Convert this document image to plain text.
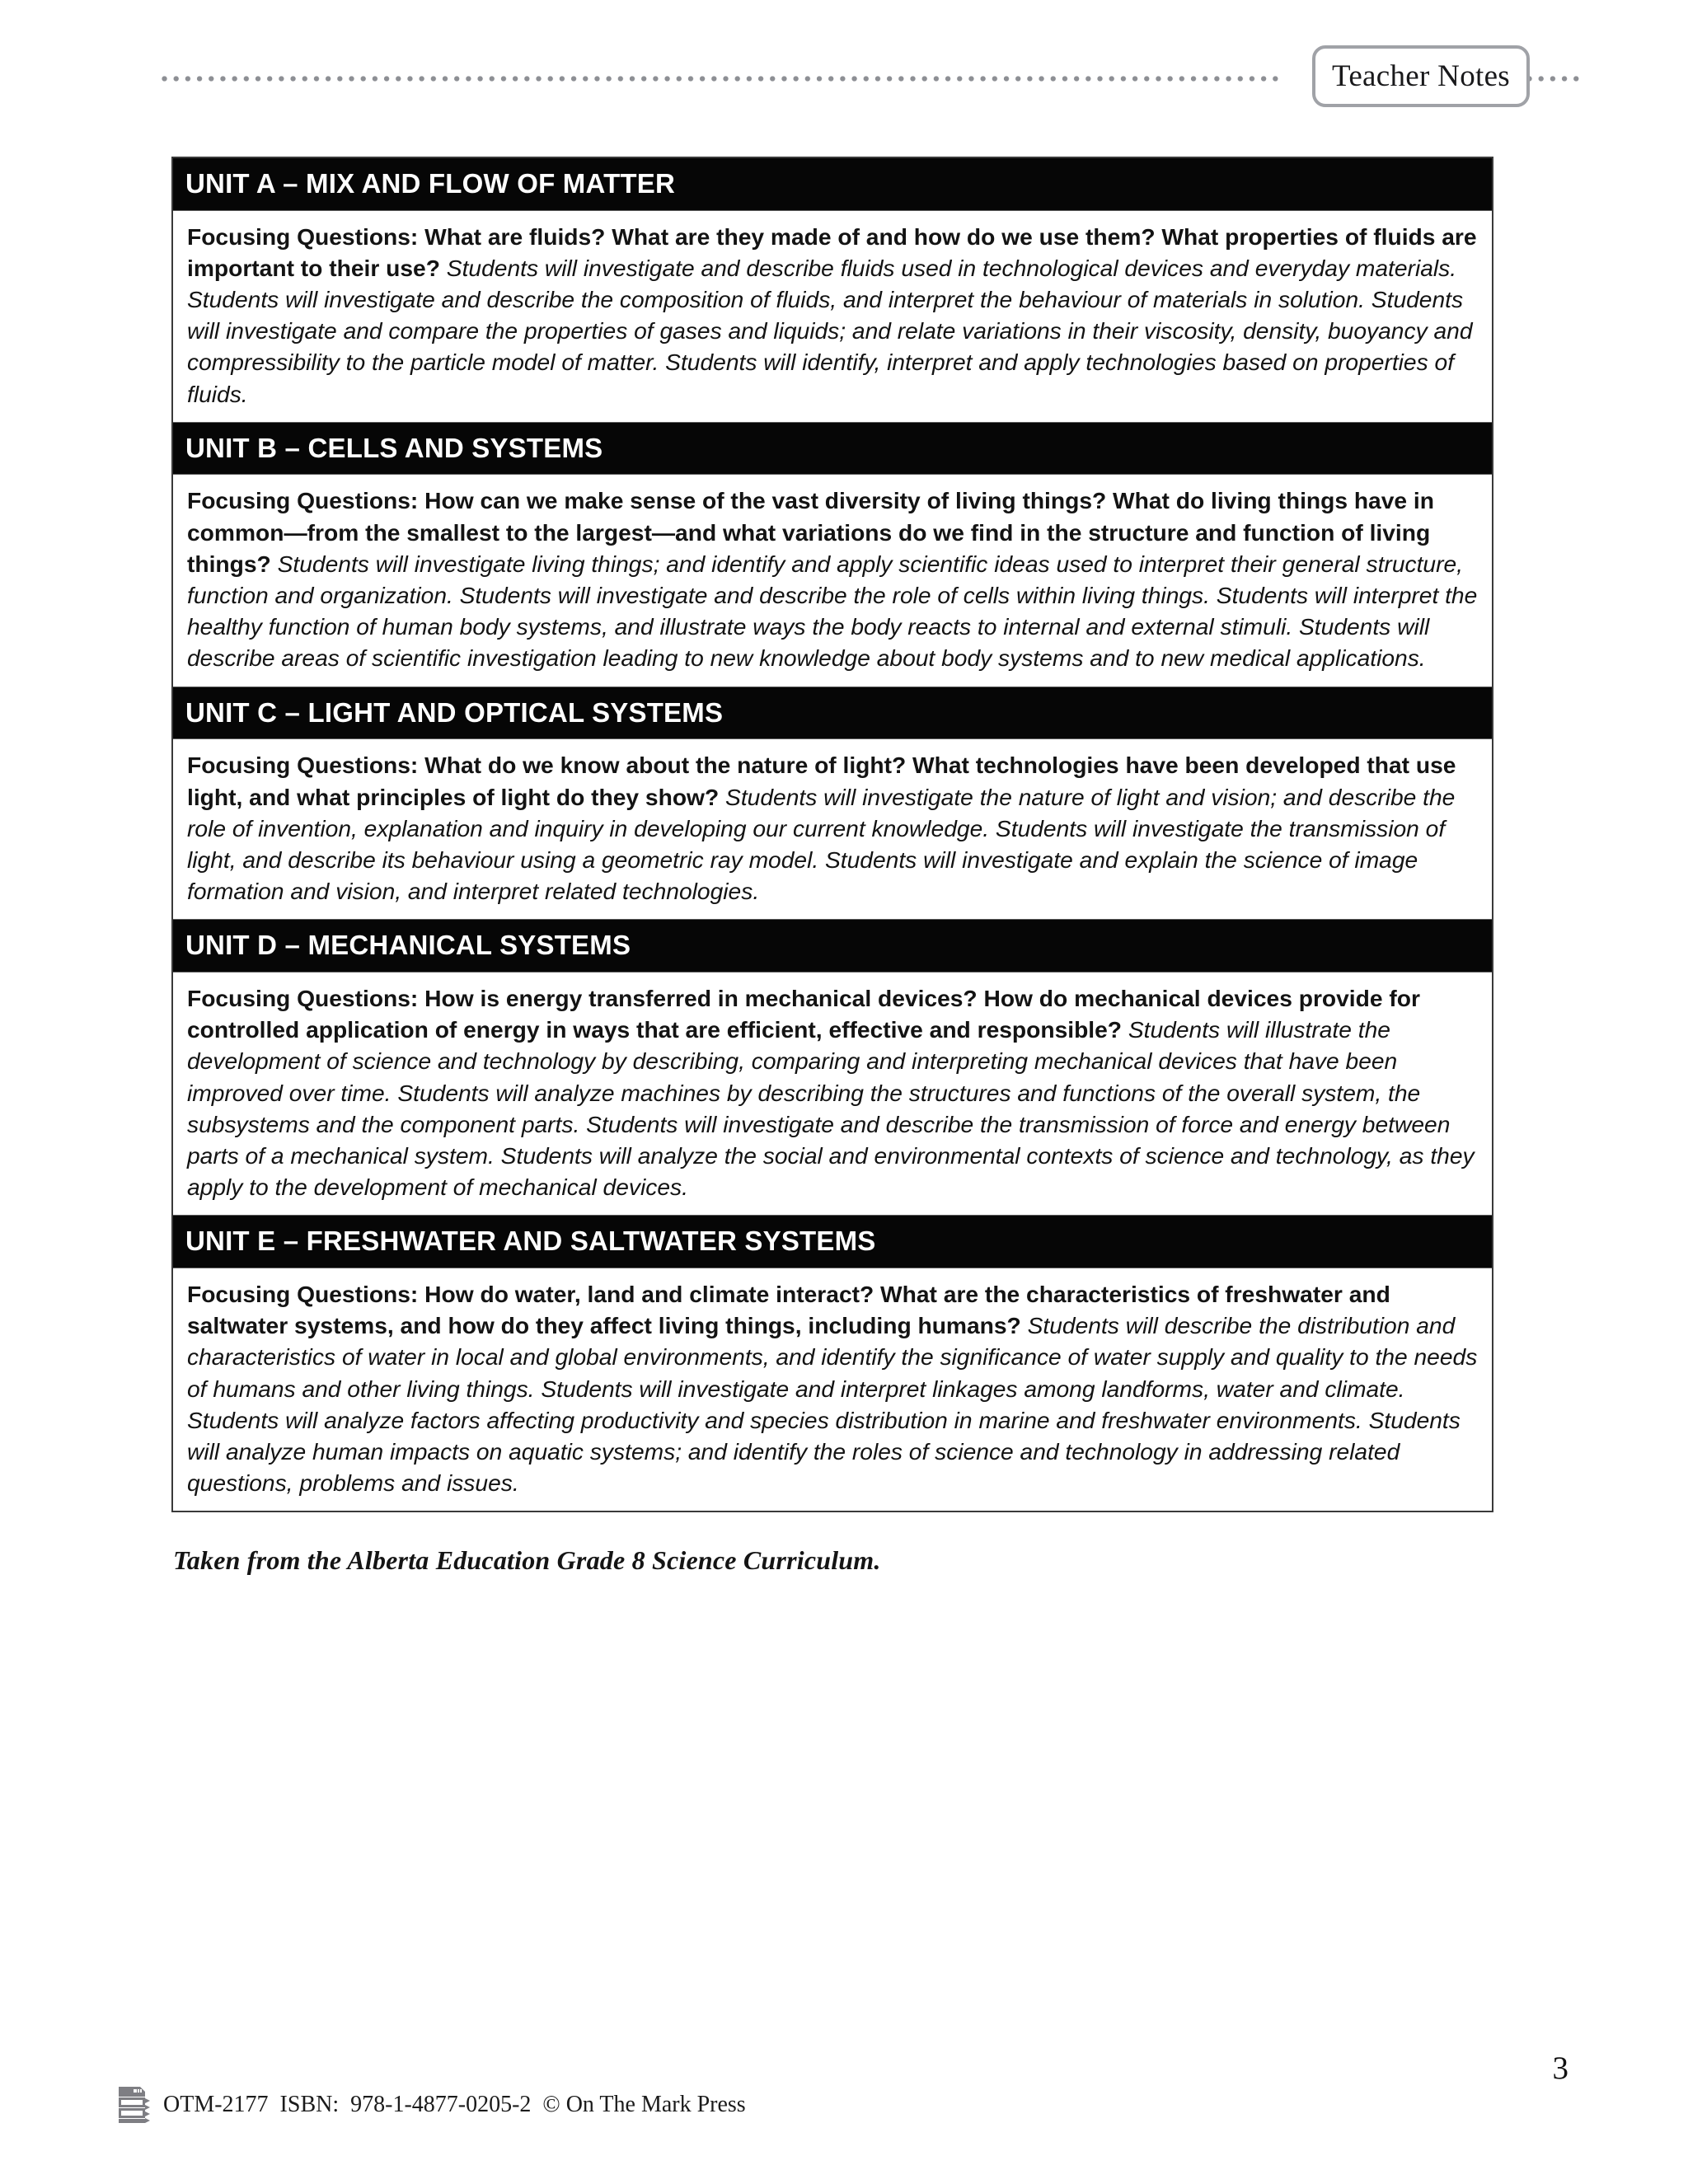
Teacher Notes
UNIT A – MIX AND FLOW OF MATTER
Focusing Questions: What are fluids? What are they made of and how do we use them? What properties of fluids are important to their use? Students will investigate and describe fluids used in technological devices and everyday materials. Students will investigate and describe the composition of fluids, and interpret the behaviour of materials in solution. Students will investigate and compare the properties of gases and liquids; and relate variations in their viscosity, density, buoyancy and compressibility to the particle model of matter. Students will identify, interpret and apply technologies based on properties of fluids.
UNIT B – CELLS AND SYSTEMS
Focusing Questions: How can we make sense of the vast diversity of living things? What do living things have in common—from the smallest to the largest—and what variations do we find in the structure and function of living things? Students will investigate living things; and identify and apply scientific ideas used to interpret their general structure, function and organization. Students will investigate and describe the role of cells within living things. Students will interpret the healthy function of human body systems, and illustrate ways the body reacts to internal and external stimuli. Students will describe areas of scientific investigation leading to new knowledge about body systems and to new medical applications.
UNIT C – LIGHT AND OPTICAL SYSTEMS
Focusing Questions: What do we know about the nature of light? What technologies have been developed that use light, and what principles of light do they show? Students will investigate the nature of light and vision; and describe the role of invention, explanation and inquiry in developing our current knowledge. Students will investigate the transmission of light, and describe its behaviour using a geometric ray model. Students will investigate and explain the science of image formation and vision, and interpret related technologies.
UNIT D – MECHANICAL SYSTEMS
Focusing Questions: How is energy transferred in mechanical devices? How do mechanical devices provide for controlled application of energy in ways that are efficient, effective and responsible? Students will illustrate the development of science and technology by describing, comparing and interpreting mechanical devices that have been improved over time. Students will analyze machines by describing the structures and functions of the overall system, the subsystems and the component parts. Students will investigate and describe the transmission of force and energy between parts of a mechanical system. Students will analyze the social and environmental contexts of science and technology, as they apply to the development of mechanical devices.
UNIT E – FRESHWATER AND SALTWATER SYSTEMS
Focusing Questions: How do water, land and climate interact? What are the characteristics of freshwater and saltwater systems, and how do they affect living things, including humans? Students will describe the distribution and characteristics of water in local and global environments, and identify the significance of water supply and quality to the needs of humans and other living things. Students will investigate and interpret linkages among landforms, water and climate. Students will analyze factors affecting productivity and species distribution in marine and freshwater environments. Students will analyze human impacts on aquatic systems; and identify the roles of science and technology in addressing related questions, problems and issues.
Taken from the Alberta Education Grade 8 Science Curriculum.
3
OTM-2177 ISBN: 978-1-4877-0205-2 © On The Mark Press
